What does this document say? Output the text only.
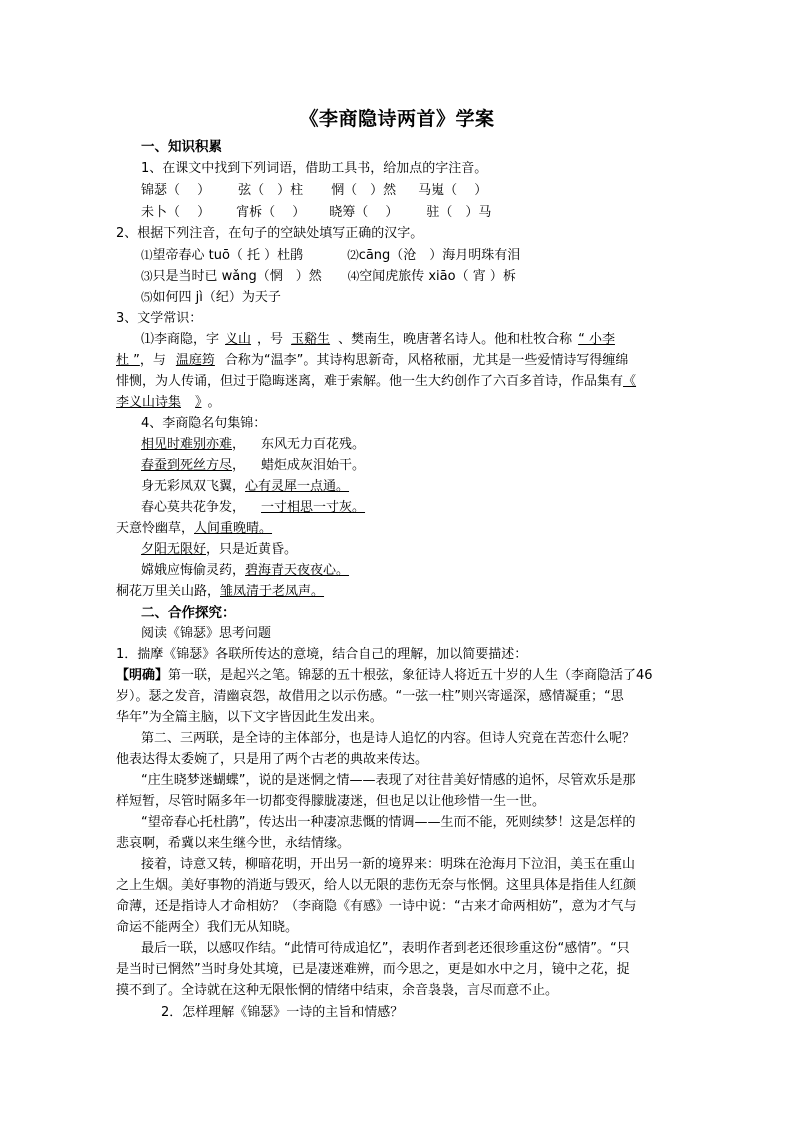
《李商隐诗两首》学案
一、知识积累
1、在课文中找到下列词语，借助工具书，给加点的字注音。
锦瑟（　 ） 弦（　）柱 惘（　）然 马嵬（　 ）
未卜（　 ） 宵柝（　 ） 晓筹（　 ） 驻（　）马
2、根据下列注音，在句子的空缺处填写正确的汉字。
⑴望帝春心 tuō（ 托 ）杜鹃	⑵cāng（沧　）海月明珠有泪
⑶只是当时已 wǎng（惘　）然 ⑷空闻虎旅传 xiāo（ 宵 ）柝
⑸如何四 jì（纪）为天子
3、文学常识：
⑴李商隐，字 义山 ，号 玉谿生 、樊南生，晚唐著名诗人。他和杜牧合称 “ 小李
杜 ”，与 温庭筠 合称为“温李”。其诗构思新奇，风格秾丽，尤其是一些爱情诗写得缠绵
悱恻，为人传诵，但过于隐晦迷离，难于索解。他一生大约创作了六百多首诗，作品集有《
李义山诗集 》 。
4、李商隐名句集锦：
相见时难别亦难， 东风无力百花残。
春蚕到死丝方尽， 蜡炬成灰泪始干。
身无彩凤双飞翼，心有灵犀一点通。
春心莫共花争发， 一寸相思一寸灰。
天意怜幽草，人间重晚晴。
夕阳无限好，只是近黄昏。
嫦娥应悔偷灵药，碧海青天夜夜心。
桐花万里关山路，雏凤清于老凤声。
二、合作探究：
阅读《锦瑟》思考问题
1．揣摩《锦瑟》各联所传达的意境，结合自己的理解，加以简要描述：
【明确】第一联，是起兴之笔。锦瑟的五十根弦，象征诗人将近五十岁的人生（李商隐活了46
岁）。瑟之发音，清幽哀怨，故借用之以示伤感。“一弦一柱”则兴寄遥深，感情凝重；“思
华年”为全篇主脑，以下文字皆因此生发出来。
第二、三两联，是全诗的主体部分，也是诗人追忆的内容。但诗人究竟在苦恋什么呢？
他表达得太委婉了，只是用了两个古老的典故来传达。
“庄生晓梦迷蝴蝶”，说的是迷惘之情——表现了对往昔美好情感的追怀，尽管欢乐是那
样短暂，尽管时隔多年一切都变得朦胧凄迷，但也足以让他珍惜一生一世。
“望帝春心托杜鹃”，传达出一种凄凉悲慨的情调——生而不能，死则续梦！这是怎样的
悲哀啊，希冀以来生继今世，永结情缘。
接着，诗意又转，柳暗花明，开出另一新的境界来：明珠在沧海月下泣泪，美玉在重山
之上生烟。美好事物的消逝与毁灭，给人以无限的悲伤无奈与怅惘。这里具体是指佳人红颜
命薄，还是指诗人才命相妨？（李商隐《有感》一诗中说：“古来才命两相妨”，意为才气与
命运不能两全）我们无从知晓。
最后一联，以感叹作结。“此情可待成追忆”，表明作者到老还很珍重这份“感情”。“只
是当时已惘然”当时身处其境，已是凄迷难辨，而今思之，更是如水中之月，镜中之花，捉
摸不到了。全诗就在这种无限怅惘的情绪中结束，余音袅袅，言尽而意不止。
2．怎样理解《锦瑟》一诗的主旨和情感？
